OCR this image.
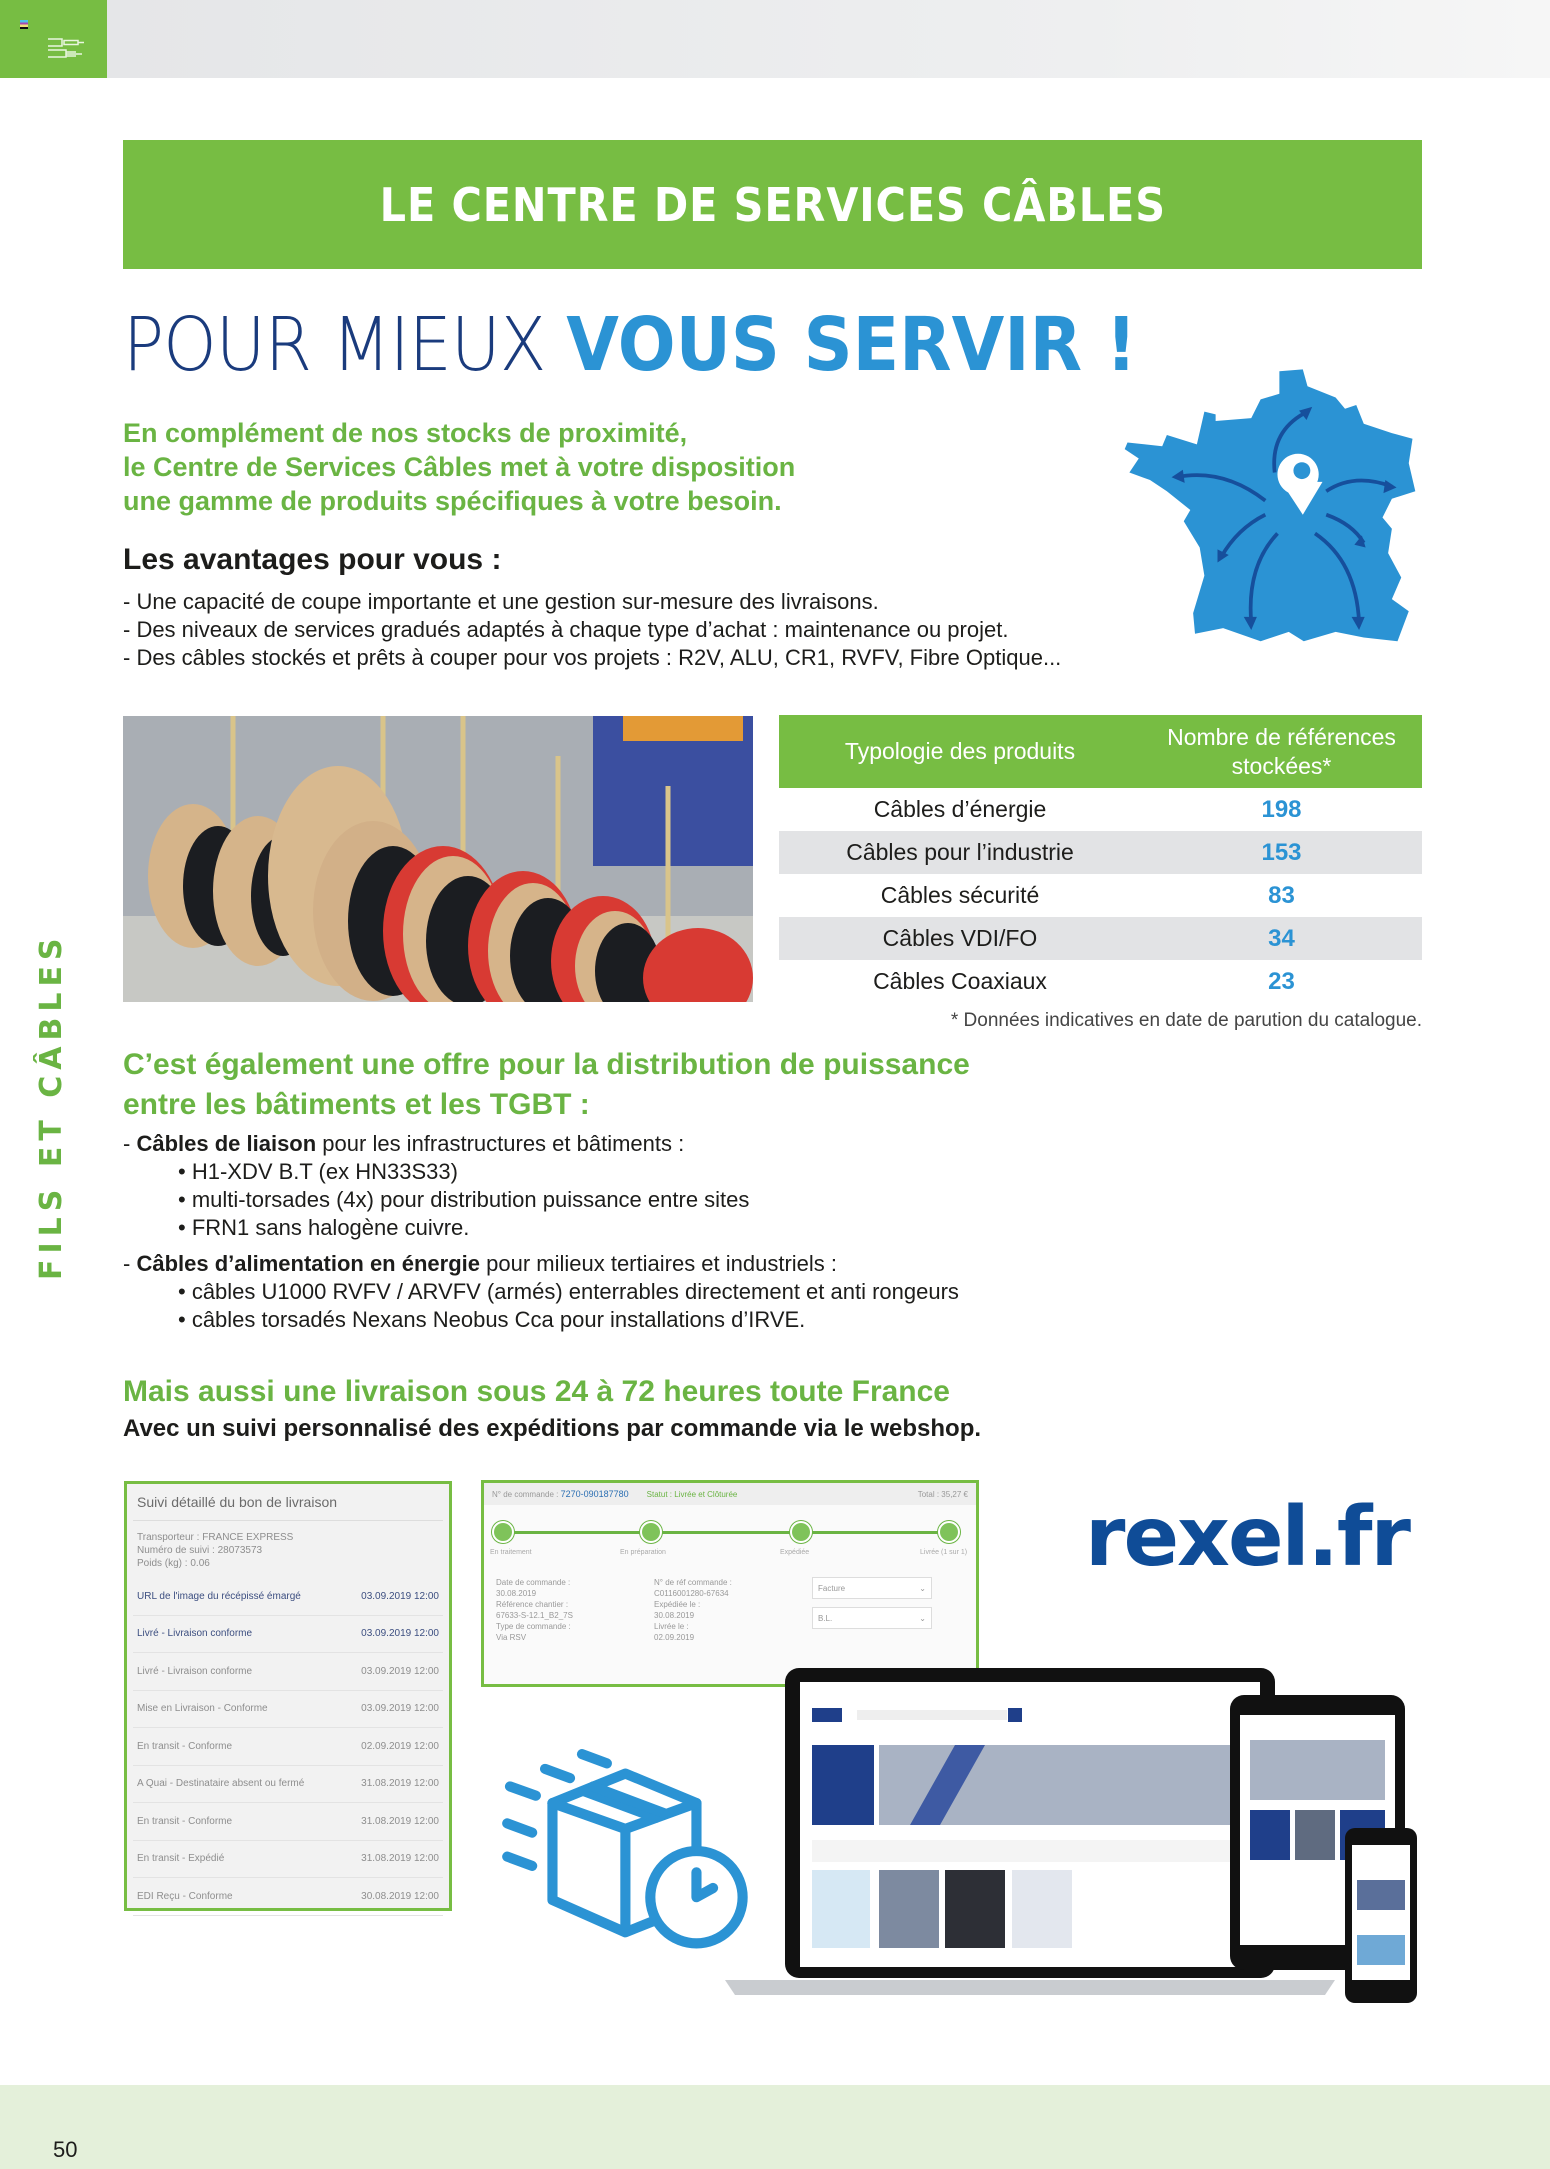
LE CENTRE DE SERVICES CÂBLES
POUR MIEUX VOUS SERVIR !
En complément de nos stocks de proximité,
le Centre de Services Câbles met à votre disposition
une gamme de produits spécifiques à votre besoin.
Les avantages pour vous :
- Une capacité de coupe importante et une gestion sur-mesure des livraisons.
- Des niveaux de services gradués adaptés à chaque type d’achat : maintenance ou projet.
- Des câbles stockés et prêts à couper pour vos projets : R2V, ALU, CR1, RVFV, Fibre Optique...
Typologie des produits	Nombre de références stockées*
Câbles d’énergie	198
Câbles pour l’industrie	153
Câbles sécurité	83
Câbles VDI/FO	34
Câbles Coaxiaux	23
* Données indicatives en date de parution du catalogue.
FILS ET CÂBLES C’est également une offre pour la distribution de puissance
entre les bâtiments et les TGBT :
- Câbles de liaison pour les infrastructures et bâtiments :
• H1-XDV B.T (ex HN33S33)
• multi-torsades (4x) pour distribution puissance entre sites
• FRN1 sans halogène cuivre.
- Câbles d’alimentation en énergie pour milieux tertiaires et industriels :
• câbles U1000 RVFV / ARVFV (armés) enterrables directement et anti rongeurs
• câbles torsadés Nexans Neobus Cca pour installations d’IRVE.
Mais aussi une livraison sous 24 à 72 heures toute France
Avec un suivi personnalisé des expéditions par commande via le webshop.
Suivi détaillé du bon de livraison
Transporteur : FRANCE EXPRESS
Numéro de suivi : 28073573
Poids (kg) : 0.06
URL de l'image du récépissé émargé	03.09.2019 12:00
Livré - Livraison conforme	03.09.2019 12:00
Livré - Livraison conforme	03.09.2019 12:00
Mise en Livraison - Conforme	03.09.2019 12:00
En transit - Conforme	02.09.2019 12:00
A Quai - Destinataire absent ou fermé	31.08.2019 12:00
En transit - Conforme	31.08.2019 12:00
En transit - Expédié	31.08.2019 12:00
EDI Reçu - Conforme	30.08.2019 12:00
N° de commande : 7270-090187780 Statut : Livrée et Clôturée	Total : 35,27 €
En traitement	En préparation	Expédiée	Livrée (1 sur 1)
Date de commande :
30.08.2019
Référence chantier :
67633-S-12.1_B2_7S
Type de commande :
Via RSV
N° de réf commande :
C0116001280-67634
Expédiée le :
30.08.2019
Livrée le :
02.09.2019
Facture	⌄
B.L.	⌄
rexel.fr
50
